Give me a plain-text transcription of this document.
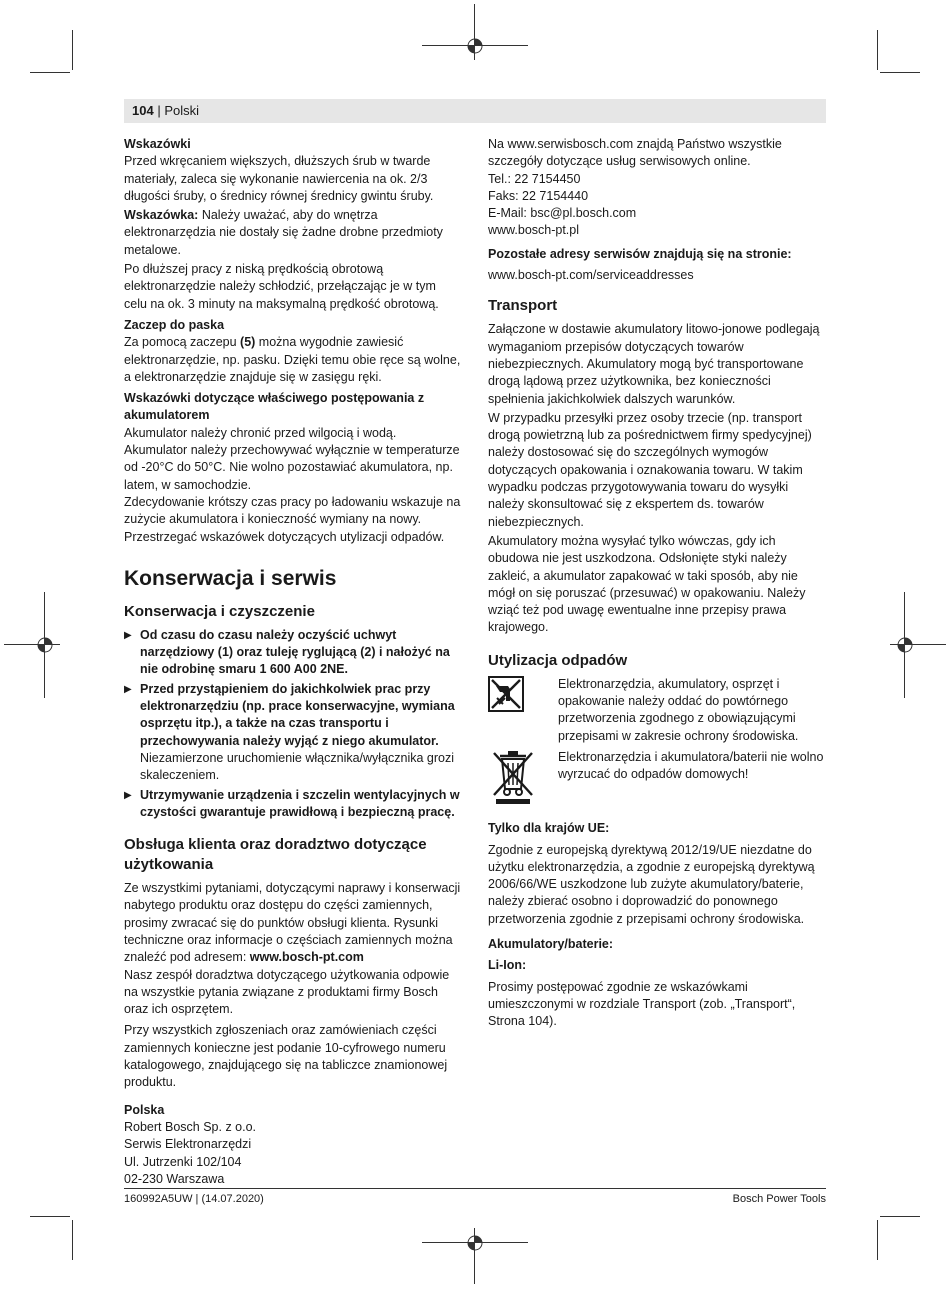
104 | Polski

Wskazówki

Przed wkręcaniem większych, dłuższych śrub w twarde materiały, zaleca się wykonanie nawiercenia na ok. 2/3 długości śruby, o średnicy równej średnicy gwintu śruby.

Wskazówka: Należy uważać, aby do wnętrza elektronarzędzia nie dostały się żadne drobne przedmioty metalowe.

Po dłuższej pracy z niską prędkością obrotową elektronarzędzie należy schłodzić, przełączając je w tym celu na ok. 3 minuty na maksymalną prędkość obrotową.

Zaczep do paska

Za pomocą zaczepu (5) można wygodnie zawiesić elektronarzędzie, np. pasku. Dzięki temu obie ręce są wolne, a elektronarzędzie znajduje się w zasięgu ręki.

Wskazówki dotyczące właściwego postępowania z akumulatorem

Akumulator należy chronić przed wilgocią i wodą.

Akumulator należy przechowywać wyłącznie w temperaturze od -20°C do 50°C. Nie wolno pozostawiać akumulatora, np. latem, w samochodzie.

Zdecydowanie krótszy czas pracy po ładowaniu wskazuje na zużycie akumulatora i konieczność wymiany na nowy.

Przestrzegać wskazówek dotyczących utylizacji odpadów.

Konserwacja i serwis

Konserwacja i czyszczenie

▶ Od czasu do czasu należy oczyścić uchwyt narzędziowy (1) oraz tuleję ryglującą (2) i nałożyć na nie odrobinę smaru 1 600 A00 2NE.

▶ Przed przystąpieniem do jakichkolwiek prac przy elektronarzędziu (np. prace konserwacyjne, wymiana osprzętu itp.), a także na czas transportu i przechowywania należy wyjąć z niego akumulator. Niezamierzone uruchomienie włącznika/wyłącznika grozi skaleczeniem.

▶ Utrzymywanie urządzenia i szczelin wentylacyjnych w czystości gwarantuje prawidłową i bezpieczną pracę.

Obsługa klienta oraz doradztwo dotyczące użytkowania

Ze wszystkimi pytaniami, dotyczącymi naprawy i konserwacji nabytego produktu oraz dostępu do części zamiennych, prosimy zwracać się do punktów obsługi klienta. Rysunki techniczne oraz informacje o częściach zamiennych można znaleźć pod adresem: www.bosch-pt.com

Nasz zespół doradztwa dotyczącego użytkowania odpowie na wszystkie pytania związane z produktami firmy Bosch oraz ich osprzętem.

Przy wszystkich zgłoszeniach oraz zamówieniach części zamiennych konieczne jest podanie 10-cyfrowego numeru katalogowego, znajdującego się na tabliczce znamionowej produktu.

Polska

Robert Bosch Sp. z o.o.

Serwis Elektronarzędzi

Ul. Jutrzenki 102/104

02-230 Warszawa

Na www.serwisbosch.com znajdą Państwo wszystkie szczegóły dotyczące usług serwisowych online.

Tel.: 22 7154450

Faks: 22 7154440

E-Mail: bsc@pl.bosch.com

www.bosch-pt.pl

Pozostałe adresy serwisów znajdują się na stronie:

www.bosch-pt.com/serviceaddresses

Transport

Załączone w dostawie akumulatory litowo-jonowe podlegają wymaganiom przepisów dotyczących towarów niebezpiecznych. Akumulatory mogą być transportowane drogą lądową przez użytkownika, bez konieczności spełnienia jakichkolwiek dalszych warunków.

W przypadku przesyłki przez osoby trzecie (np. transport drogą powietrzną lub za pośrednictwem firmy spedycyjnej) należy dostosować się do szczególnych wymogów dotyczących opakowania i oznakowania towaru. W takim wypadku podczas przygotowywania towaru do wysyłki należy skonsultować się z ekspertem ds. towarów niebezpiecznych.

Akumulatory można wysyłać tylko wówczas, gdy ich obudowa nie jest uszkodzona. Odsłonięte styki należy zakleić, a akumulator zapakować w taki sposób, aby nie mógł on się poruszać (przesuwać) w opakowaniu. Należy wziąć też pod uwagę ewentualne inne przepisy prawa krajowego.

Utylizacja odpadów

Elektronarzędzia, akumulatory, osprzęt i opakowanie należy oddać do powtórnego przetworzenia zgodnego z obowiązującymi przepisami w zakresie ochrony środowiska.

Elektronarzędzia i akumulatora/baterii nie wolno wyrzucać do odpadów domowych!

Tylko dla krajów UE:

Zgodnie z europejską dyrektywą 2012/19/UE niezdatne do użytku elektronarzędzia, a zgodnie z europejską dyrektywą 2006/66/WE uszkodzone lub zużyte akumulatory/baterie, należy zbierać osobno i doprowadzić do ponownego przetworzenia zgodnie z przepisami ochrony środowiska.

Akumulatory/baterie:

Li-Ion:

Prosimy postępować zgodnie ze wskazówkami umieszczonymi w rozdziale Transport (zob. „Transport“, Strona 104).

160992A5UW | (14.07.2020)	Bosch Power Tools
